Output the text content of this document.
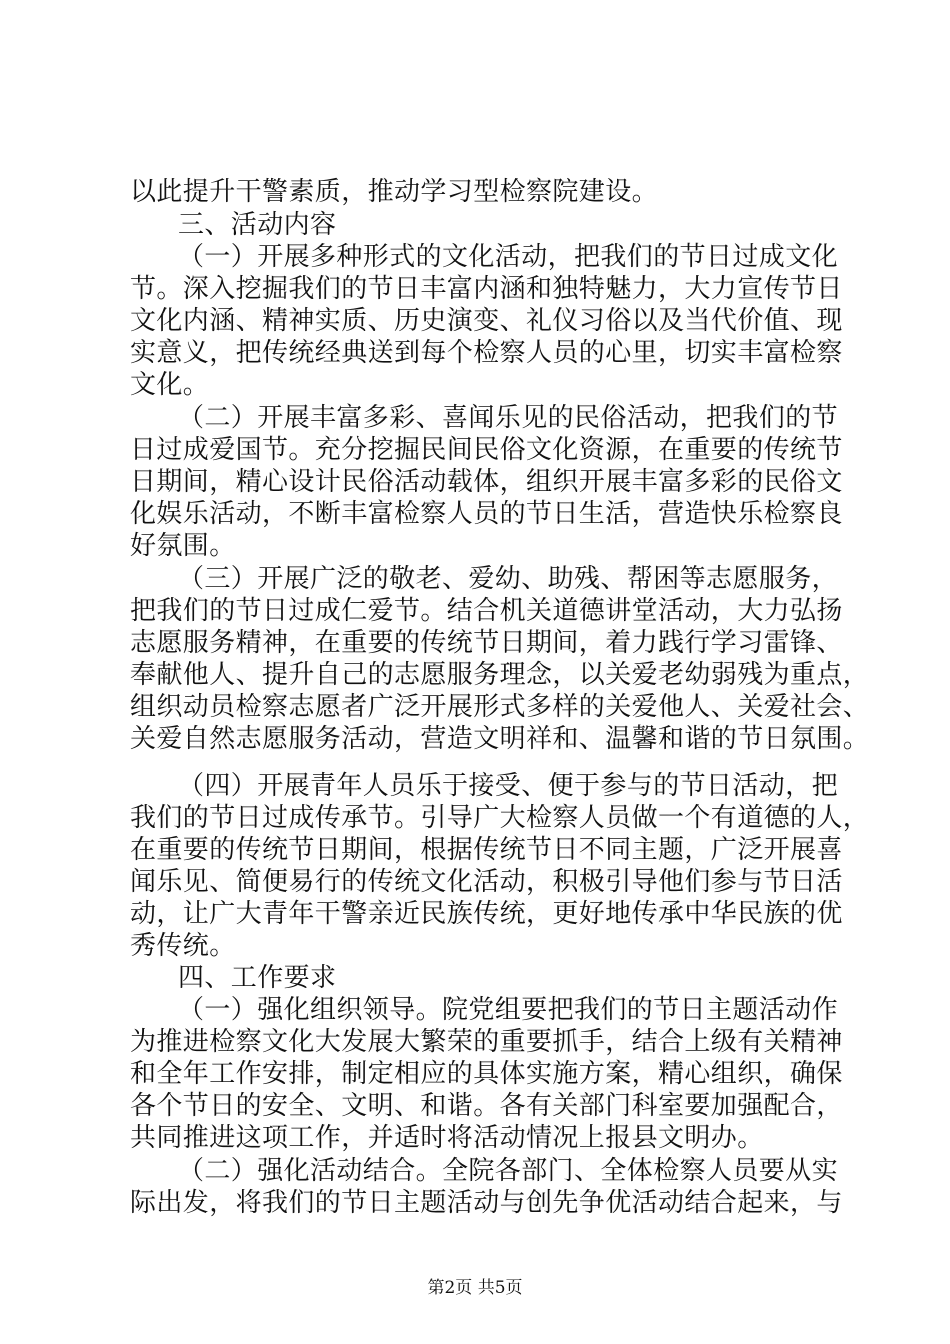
以此提升干警素质，推动学习型检察院建设。
三、活动内容
（一）开展多种形式的文化活动，把我们的节日过成文化
节。深入挖掘我们的节日丰富内涵和独特魅力，大力宣传节日
文化内涵、精神实质、历史演变、礼仪习俗以及当代价值、现
实意义，把传统经典送到每个检察人员的心里，切实丰富检察
文化。
（二）开展丰富多彩、喜闻乐见的民俗活动，把我们的节
日过成爱国节。充分挖掘民间民俗文化资源，在重要的传统节
日期间，精心设计民俗活动载体，组织开展丰富多彩的民俗文
化娱乐活动，不断丰富检察人员的节日生活，营造快乐检察良
好氛围。
（三）开展广泛的敬老、爱幼、助残、帮困等志愿服务，
把我们的节日过成仁爱节。结合机关道德讲堂活动，大力弘扬
志愿服务精神，在重要的传统节日期间，着力践行学习雷锋、
奉献他人、提升自己的志愿服务理念，以关爱老幼弱残为重点，
组织动员检察志愿者广泛开展形式多样的关爱他人、关爱社会、
关爱自然志愿服务活动，营造文明祥和、温馨和谐的节日氛围。
（四）开展青年人员乐于接受、便于参与的节日活动，把
我们的节日过成传承节。引导广大检察人员做一个有道德的人，
在重要的传统节日期间，根据传统节日不同主题，广泛开展喜
闻乐见、简便易行的传统文化活动，积极引导他们参与节日活
动，让广大青年干警亲近民族传统，更好地传承中华民族的优
秀传统。
四、工作要求
（一）强化组织领导。院党组要把我们的节日主题活动作
为推进检察文化大发展大繁荣的重要抓手，结合上级有关精神
和全年工作安排，制定相应的具体实施方案，精心组织，确保
各个节日的安全、文明、和谐。各有关部门科室要加强配合，
共同推进这项工作，并适时将活动情况上报县文明办。
（二）强化活动结合。全院各部门、全体检察人员要从实
际出发，将我们的节日主题活动与创先争优活动结合起来，与
第2页 共5页
